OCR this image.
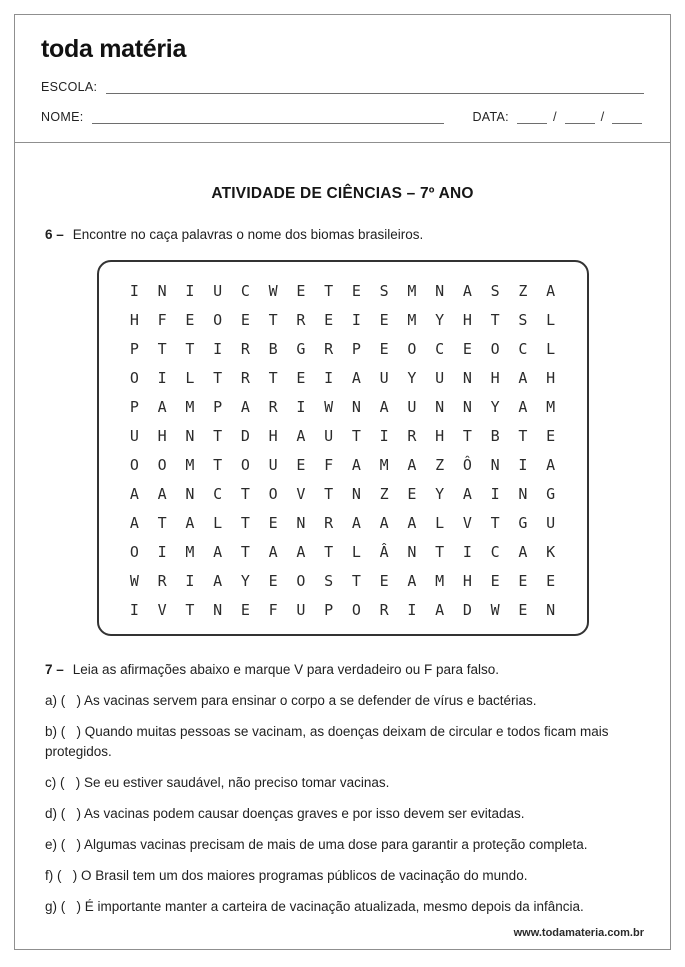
toda matéria
ESCOLA:
NOME:	DATA:	/	/
ATIVIDADE DE CIÊNCIAS – 7º ANO

6 – Encontre no caça palavras o nome dos biomas brasileiros.

I N I U C W E T E S M N A S Z A
H F E O E T R E I E M Y H T S L
P T T I R B G R P E O C E O C L
O I L T R T E I A U Y U N H A H
P A M P A R I W N A U N N Y A M
U H N T D H A U T I R H T B T E
O O M T O U E F A M A Z Ô N I A
A A N C T O V T N Z E Y A I N G
A T A L T E N R A A A L V T G U
O I M A T A A T L Â N T I C A K
W R I A Y E O S T E A M H E E E
I V T N E F U P O R I A D W E N

7 – Leia as afirmações abaixo e marque V para verdadeiro ou F para falso.

a) (   ) As vacinas servem para ensinar o corpo a se defender de vírus e bactérias.

b) (   ) Quando muitas pessoas se vacinam, as doenças deixam de circular e todos ficam mais protegidos.

c) (   ) Se eu estiver saudável, não preciso tomar vacinas.

d) (   ) As vacinas podem causar doenças graves e por isso devem ser evitadas.

e) (   ) Algumas vacinas precisam de mais de uma dose para garantir a proteção completa.

f) (   ) O Brasil tem um dos maiores programas públicos de vacinação do mundo.

g) (   ) É importante manter a carteira de vacinação atualizada, mesmo depois da infância.

www.todamateria.com.br
